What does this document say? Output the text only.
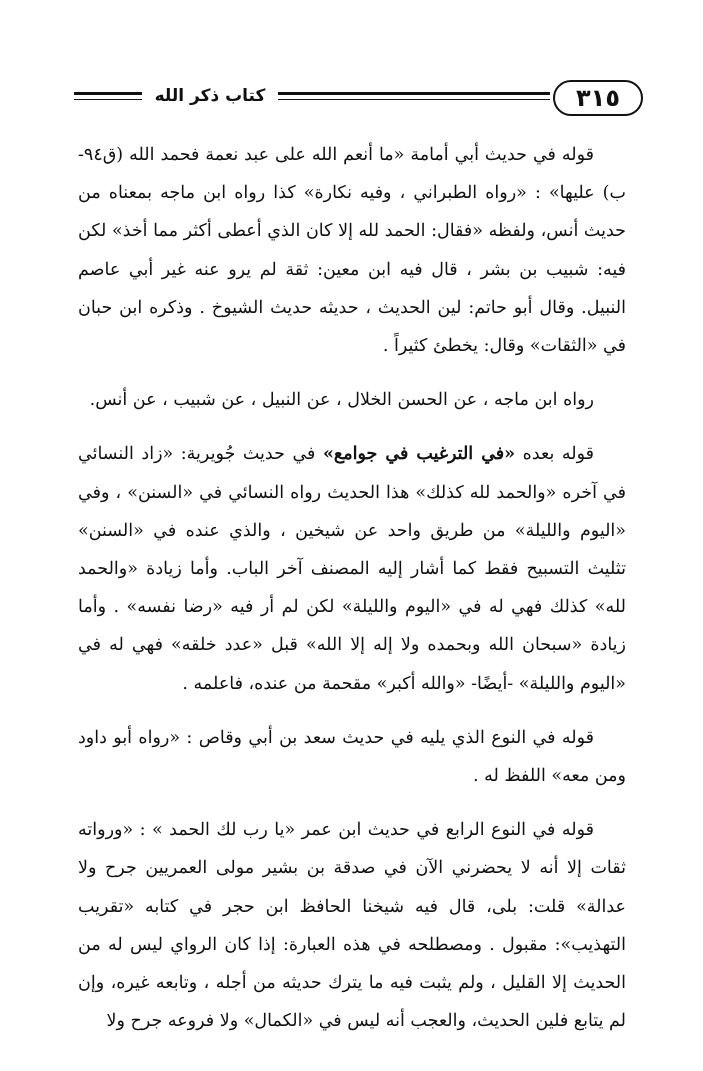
كتاب ذكر الله	٣١٥

قوله في حديث أبي أمامة «ما أنعم الله على عبد نعمة فحمد الله (ق٩٤-ب) عليها» : «رواه الطبراني ، وفيه نكارة» كذا رواه ابن ماجه بمعناه من حديث أنس، ولفظه «فقال: الحمد لله إلا كان الذي أعطى أكثر مما أخذ» لكن فيه: شبيب بن بشر ، قال فيه ابن معين: ثقة لم يرو عنه غير أبي عاصم النبيل. وقال أبو حاتم: لين الحديث ، حديثه حديث الشيوخ . وذكره ابن حبان في «الثقات» وقال: يخطئ كثيراً .

رواه ابن ماجه ، عن الحسن الخلال ، عن النبيل ، عن شبيب ، عن أنس.

قوله بعده «في الترغيب في جوامع» في حديث جُويرية: «زاد النسائي في آخره «والحمد لله كذلك» هذا الحديث رواه النسائي في «السنن» ، وفي «اليوم والليلة» من طريق واحد عن شيخين ، والذي عنده في «السنن» تثليث التسبيح فقط كما أشار إليه المصنف آخر الباب. وأما زيادة «والحمد لله» كذلك فهي له في «اليوم والليلة» لكن لم أر فيه «رضا نفسه» . وأما زيادة «سبحان الله وبحمده ولا إله إلا الله» قبل «عدد خلقه» فهي له في «اليوم والليلة» -أيضًا- «والله أكبر» مقحمة من عنده، فاعلمه .

قوله في النوع الذي يليه في حديث سعد بن أبي وقاص : «رواه أبو داود ومن معه» اللفظ له .

قوله في النوع الرابع في حديث ابن عمر «يا رب لك الحمد » : «ورواته ثقات إلا أنه لا يحضرني الآن في صدقة بن بشير مولى العمريين جرح ولا عدالة» قلت: بلى، قال فيه شيخنا الحافظ ابن حجر في كتابه «تقريب التهذيب»: مقبول . ومصطلحه في هذه العبارة: إذا كان الرواي ليس له من الحديث إلا القليل ، ولم يثبت فيه ما يترك حديثه من أجله ، وتابعه غيره، وإن لم يتابع فلين الحديث، والعجب أنه ليس في «الكمال» ولا فروعه جرح ولا
